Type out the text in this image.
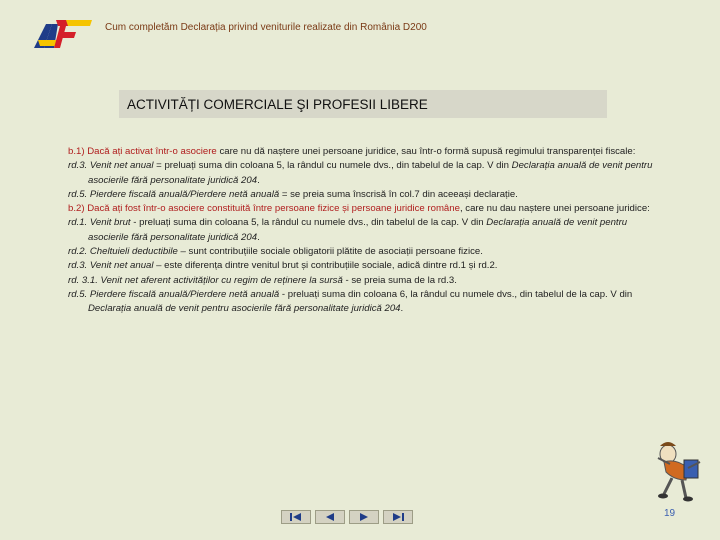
Cum completăm Declarația privind veniturile realizate din România D200
ACTIVITĂȚI COMERCIALE ŞI PROFESII LIBERE

b.1) Dacă ați activat într-o asociere care nu dă naștere unei persoane juridice, sau într-o formă supusă regimului transparenței fiscale:

rd.3. Venit net anual = preluați suma din coloana 5, la rândul cu numele dvs., din tabelul de la cap. V din Declarația anuală de venit pentru asocierile fără personalitate juridică 204.

rd.5. Pierdere fiscală anuală/Pierdere netă anuală = se preia suma înscrisă în col.7 din aceeași declarație.

b.2) Dacă ați fost într-o asociere constituită între persoane fizice și persoane juridice române, care nu dau naștere unei persoane juridice:

rd.1. Venit brut - preluați suma din coloana 5, la rândul cu numele dvs., din tabelul de la cap. V din Declarația anuală de venit pentru asocierile fără personalitate juridică 204.

rd.2. Cheltuieli deductibile – sunt contribuțiile sociale obligatorii plătite de asociații persoane fizice.

rd.3. Venit net anual – este diferența dintre venitul brut și contribuțiile sociale, adică dintre rd.1 și rd.2.

rd. 3.1. Venit net aferent activităților cu regim de reținere la sursă - se preia suma de la rd.3.

rd.5. Pierdere fiscală anuală/Pierdere netă anuală - preluați suma din coloana 6, la rândul cu numele dvs., din tabelul de la cap. V din Declarația anuală de venit pentru asocierile fără personalitate juridică 204.

19
